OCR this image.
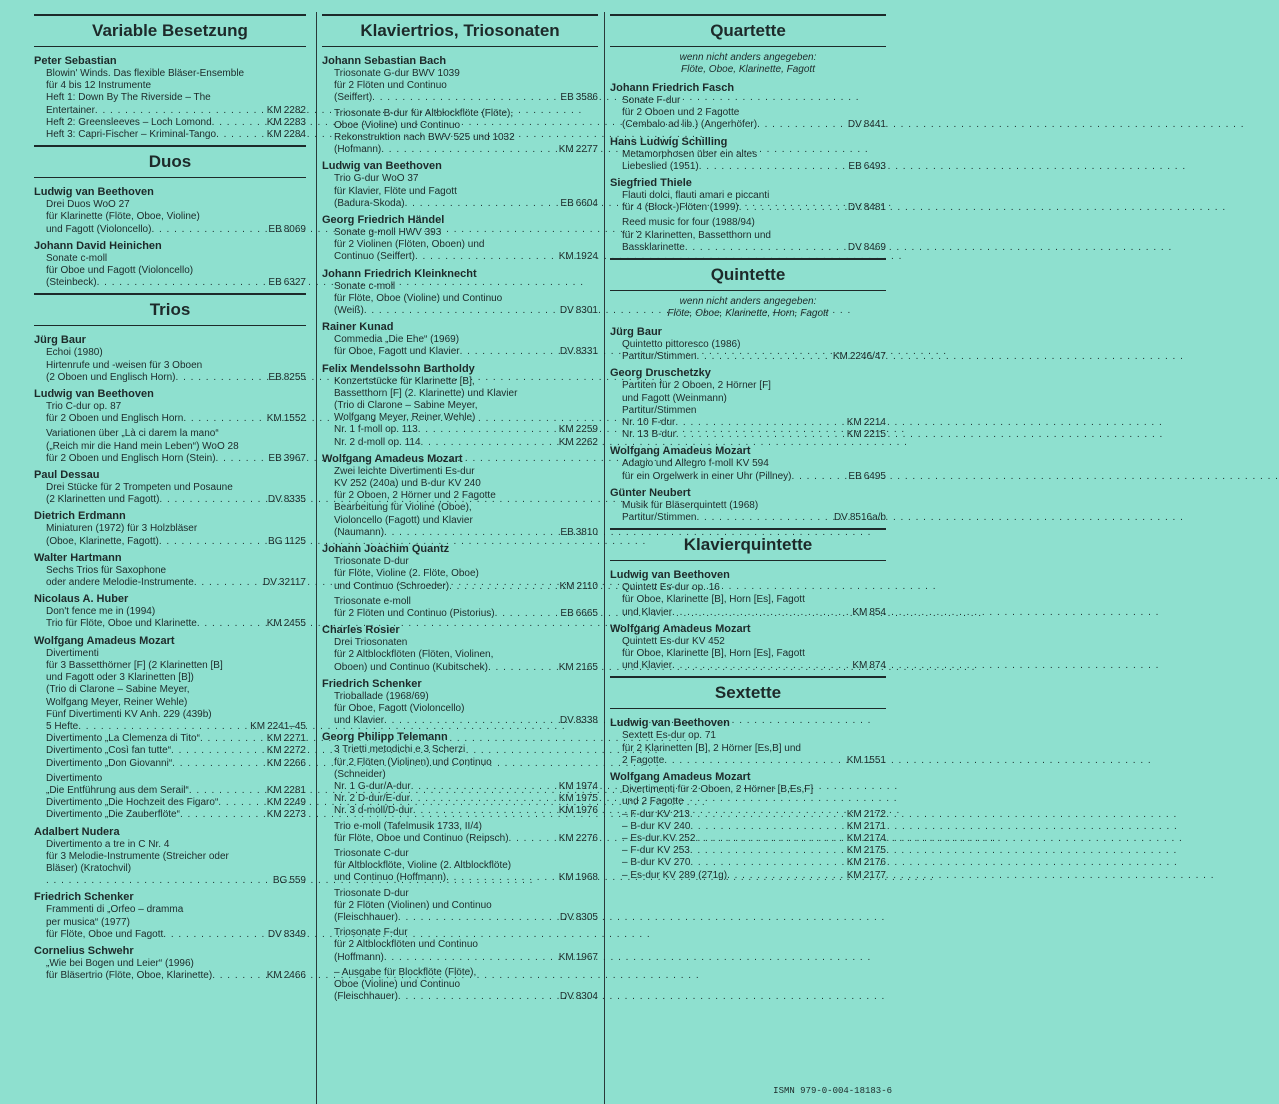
Variable Besetzung
Peter Sebastian
Blowin' Winds. Das flexible Bläser-Ensemble
für 4 bis 12 Instrumente
Heft 1: Down By The Riverside – The
Entertainer . . .	KM 2282
Heft 2: Greensleeves – Loch Lomond . . .	KM 2283
Heft 3: Capri-Fischer – Kriminal-Tango . . .	KM 2284
Duos
Ludwig van Beethoven
Drei Duos WoO 27
für Klarinette (Flöte, Oboe, Violine)
und Fagott (Violoncello) . . .	EB 8069
Johann David Heinichen
Sonate c-moll
für Oboe und Fagott (Violoncello)
(Steinbeck) . . .	EB 6327
Trios
Jürg Baur
Echoi (1980)
Hirtenrufe und -weisen für 3 Oboen
(2 Oboen und Englisch Horn) . . .	EB 8255
Ludwig van Beethoven
Trio C-dur op. 87
für 2 Oboen und Englisch Horn . . .	KM 1552
Variationen über „Là ci darem la mano“
(„Reich mir die Hand mein Leben“) WoO 28
für 2 Oboen und Englisch Horn (Stein) . . .	EB 3967
Paul Dessau
Drei Stücke für 2 Trompeten und Posaune
(2 Klarinetten und Fagott) . . .	DV 8335
Dietrich Erdmann
Miniaturen (1972) für 3 Holzbläser
(Oboe, Klarinette, Fagott) . . .	BG 1125
Walter Hartmann
Sechs Trios für Saxophone
oder andere Melodie-Instrumente . . .	DV 32117
Nicolaus A. Huber
Don't fence me in (1994)
Trio für Flöte, Oboe und Klarinette . . .	KM 2455
Wolfgang Amadeus Mozart
Divertimenti
für 3 Bassetthörner [F] (2 Klarinetten [B]
und Fagott oder 3 Klarinetten [B])
(Trio di Clarone – Sabine Meyer,
Wolfgang Meyer, Reiner Wehle)
Fünf Divertimenti KV Anh. 229 (439b)
5 Hefte . . .	KM 2241–45
Divertimento „La Clemenza di Tito“ . . .	KM 2271
Divertimento „Così fan tutte“ . . .	KM 2272
Divertimento „Don Giovanni“ . . .	KM 2266
Divertimento
„Die Entführung aus dem Serail“ . . .	KM 2281
Divertimento „Die Hochzeit des Figaro“ . . .	KM 2249
Divertimento „Die Zauberflöte“ . . .	KM 2273
Adalbert Nudera
Divertimento a tre in C Nr. 4
für 3 Melodie-Instrumente (Streicher oder
Bläser) (Kratochvil)
. . .
BG 559
Friedrich Schenker
Frammenti di „Orfeo – dramma
per musica“ (1977)
für Flöte, Oboe und Fagott . . .	DV 8349
Cornelius Schwehr
„Wie bei Bogen und Leier“ (1996)
für Bläsertrio (Flöte, Oboe, Klarinette) . . .	KM 2466
Klaviertrios, Triosonaten
Johann Sebastian Bach
Triosonate G-dur BWV 1039
für 2 Flöten und Continuo
(Seiffert) . . .	EB 3586
Triosonate B-dur für Altblockflöte (Flöte),
Oboe (Violine) und Continuo
Rekonstruktion nach BWV 525 und 1032
(Hofmann) . . .	KM 2277
Ludwig van Beethoven
Trio G-dur WoO 37
für Klavier, Flöte und Fagott
(Badura-Skoda) . . .	EB 6604
Georg Friedrich Händel
Sonate g-moll HWV 393
für 2 Violinen (Flöten, Oboen) und
Continuo (Seiffert) . . .	KM 1924
Johann Friedrich Kleinknecht
Sonate c-moll
für Flöte, Oboe (Violine) und Continuo
(Weiß) . . .	DV 8301
Rainer Kunad
Commedia „Die Ehe“ (1969)
für Oboe, Fagott und Klavier . . .	DV 8331
Felix Mendelssohn Bartholdy
Konzertstücke für Klarinette [B],
Bassetthorn [F] (2. Klarinette) und Klavier
(Trio di Clarone – Sabine Meyer,
Wolfgang Meyer, Reiner Wehle)
Nr. 1 f-moll op. 113 . . .	KM 2259
Nr. 2 d-moll op. 114 . . .	KM 2262
Wolfgang Amadeus Mozart
Zwei leichte Divertimenti Es-dur
KV 252 (240a) und B-dur KV 240
für 2 Oboen, 2 Hörner und 2 Fagotte
Bearbeitung für Violine (Oboe),
Violoncello (Fagott) und Klavier
(Naumann) . . .	EB 3810
Johann Joachim Quantz
Triosonate D-dur
für Flöte, Violine (2. Flöte, Oboe)
und Continuo (Schroeder) . . .	KM 2110
Triosonate e-moll
für 2 Flöten und Continuo (Pistorius) . . .	EB 6665
Charles Rosier
Drei Triosonaten
für 2 Altblockflöten (Flöten, Violinen,
Oboen) und Continuo (Kubitschek) . . .	KM 2165
Friedrich Schenker
Trioballade (1968/69)
für Oboe, Fagott (Violoncello)
und Klavier . . .	DV 8338
Georg Philipp Telemann
3 Trietti metodichi e 3 Scherzi
für 2 Flöten (Violinen) und Continuo
(Schneider)
Nr. 1 G-dur/A-dur . . .	KM 1974
Nr. 2 D-dur/E-dur . . .	KM 1975
Nr. 3 d-moll/D-dur . . .	KM 1976
Trio e-moll (Tafelmusik 1733, II/4)
für Flöte, Oboe und Continuo (Reipsch) . . .	KM 2276
Triosonate C-dur
für Altblockflöte, Violine (2. Altblockflöte)
und Continuo (Hoffmann) . . .	KM 1968
Triosonate D-dur
für 2 Flöten (Violinen) und Continuo
(Fleischhauer) . . .	DV 8305
Triosonate F-dur
für 2 Altblockflöten und Continuo
(Hoffmann) . . .	KM 1967
– Ausgabe für Blockflöte (Flöte),
Oboe (Violine) und Continuo
(Fleischhauer) . . .	DV 8304
Quartette
wenn nicht anders angegeben:
Flöte, Oboe, Klarinette, Fagott
Johann Friedrich Fasch
Sonate F-dur
für 2 Oboen und 2 Fagotte
(Cembalo ad lib.) (Angerhöfer) . . .	DV 8441
Hans Ludwig Schilling
Metamorphosen über ein altes
Liebeslied (1951) . . .	EB 6493
Siegfried Thiele
Flauti dolci, flauti amari e piccanti
für 4 (Block-)Flöten (1999) . . .	DV 8481
Reed music for four (1988/94)
für 2 Klarinetten, Bassetthorn und
Bassklarinette . . .	DV 8469
Quintette
wenn nicht anders angegeben:
Flöte, Oboe, Klarinette, Horn, Fagott
Jürg Baur
Quintetto pittoresco (1986)
Partitur/Stimmen . . .	KM 2246/47
Georg Druschetzky
Partiten für 2 Oboen, 2 Hörner [F]
und Fagott (Weinmann)
Partitur/Stimmen
Nr. 10 F-dur . . .	KM 2214
Nr. 13 B-dur . . .	KM 2215
Wolfgang Amadeus Mozart
Adagio und Allegro f-moll KV 594
für ein Orgelwerk in einer Uhr (Pillney) . . .	EB 6495
Günter Neubert
Musik für Bläserquintett (1968)
Partitur/Stimmen . . .	DV 8516a/b
Klavierquintette
Ludwig van Beethoven
Quintett Es-dur op. 16
für Oboe, Klarinette [B], Horn [Es], Fagott
und Klavier . . .	KM 854
Wolfgang Amadeus Mozart
Quintett Es-dur KV 452
für Oboe, Klarinette [B], Horn [Es], Fagott
und Klavier . . .	KM 874
Sextette
Ludwig van Beethoven
Sextett Es-dur op. 71
für 2 Klarinetten [B], 2 Hörner [Es,B] und
2 Fagotte . . .	KM 1551
Wolfgang Amadeus Mozart
Divertimenti für 2 Oboen, 2 Hörner [B,Es,F]
und 2 Fagotte
– F-dur KV 213 . . .	KM 2172
– B-dur KV 240 . . .	KM 2171
– Es-dur KV 252 . . .	KM 2174
– F-dur KV 253 . . .	KM 2175
– B-dur KV 270 . . .	KM 2176
– Es-dur KV 289 (271g) . . .	KM 2177
ISMN 979-0-004-18183-6
